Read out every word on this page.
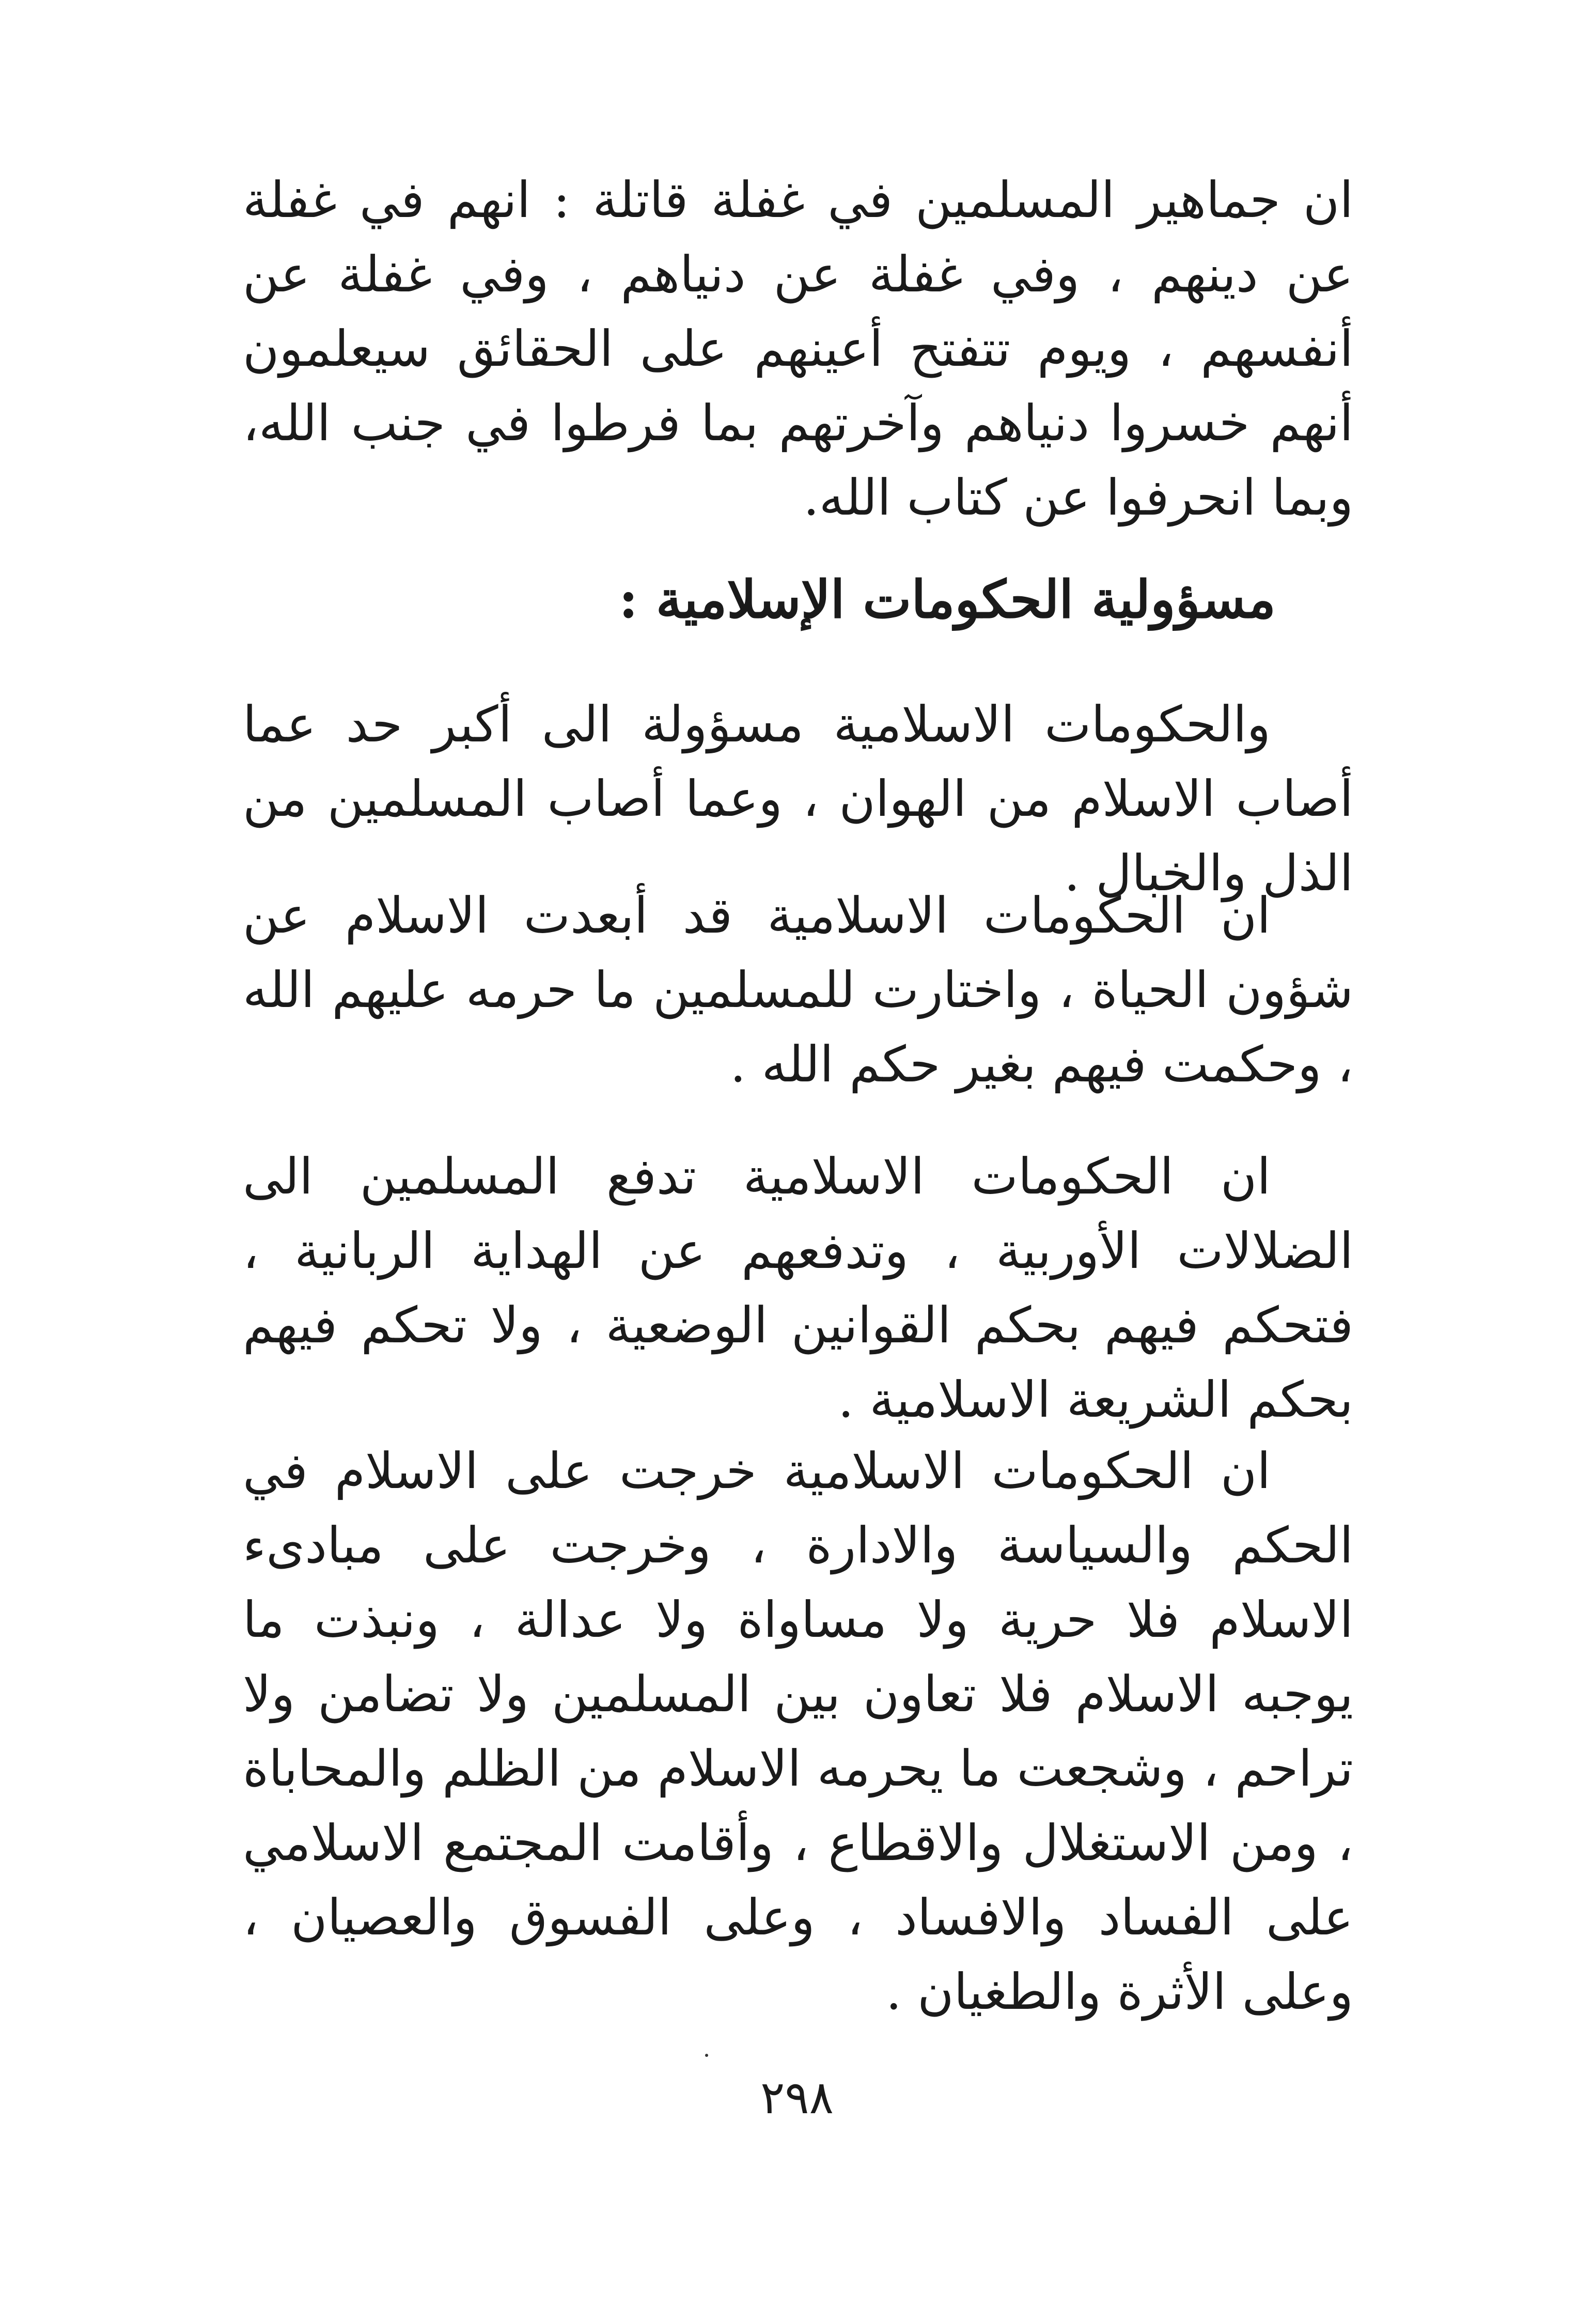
ان جماهير المسلمين في غفلة قاتلة : انهم في غفلة عن دينهم ، وفي غفلة عن دنياهم ، وفي غفلة عن أنفسهم ، ويوم تتفتح أعينهم على الحقائق سيعلمون أنهم خسروا دنياهم وآخرتهم بما فرطوا في جنب الله، وبما انحرفوا عن كتاب الله.

مسؤولية الحكومات الإسلامية :

والحكومات الاسلامية مسؤولة الى أكبر حد عما أصاب الاسلام من الهوان ، وعما أصاب المسلمين من الذل والخبال .

ان الحكومات الاسلامية قد أبعدت الاسلام عن شؤون الحياة ، واختارت للمسلمين ما حرمه عليهم الله ، وحكمت فيهم بغير حكم الله .

ان الحكومات الاسلامية تدفع المسلمين الى الضلالات الأوربية ، وتدفعهم عن الهداية الربانية ، فتحكم فيهم بحكم القوانين الوضعية ، ولا تحكم فيهم بحكم الشريعة الاسلامية .

ان الحكومات الاسلامية خرجت على الاسلام في الحكم والسياسة والادارة ، وخرجت على مبادىء الاسلام فلا حرية ولا مساواة ولا عدالة ، ونبذت ما يوجبه الاسلام فلا تعاون بين المسلمين ولا تضامن ولا تراحم ، وشجعت ما يحرمه الاسلام من الظلم والمحاباة ، ومن الاستغلال والاقطاع ، وأقامت المجتمع الاسلامي على الفساد والافساد ، وعلى الفسوق والعصيان ، وعلى الأثرة والطغيان .

٢٩٨
